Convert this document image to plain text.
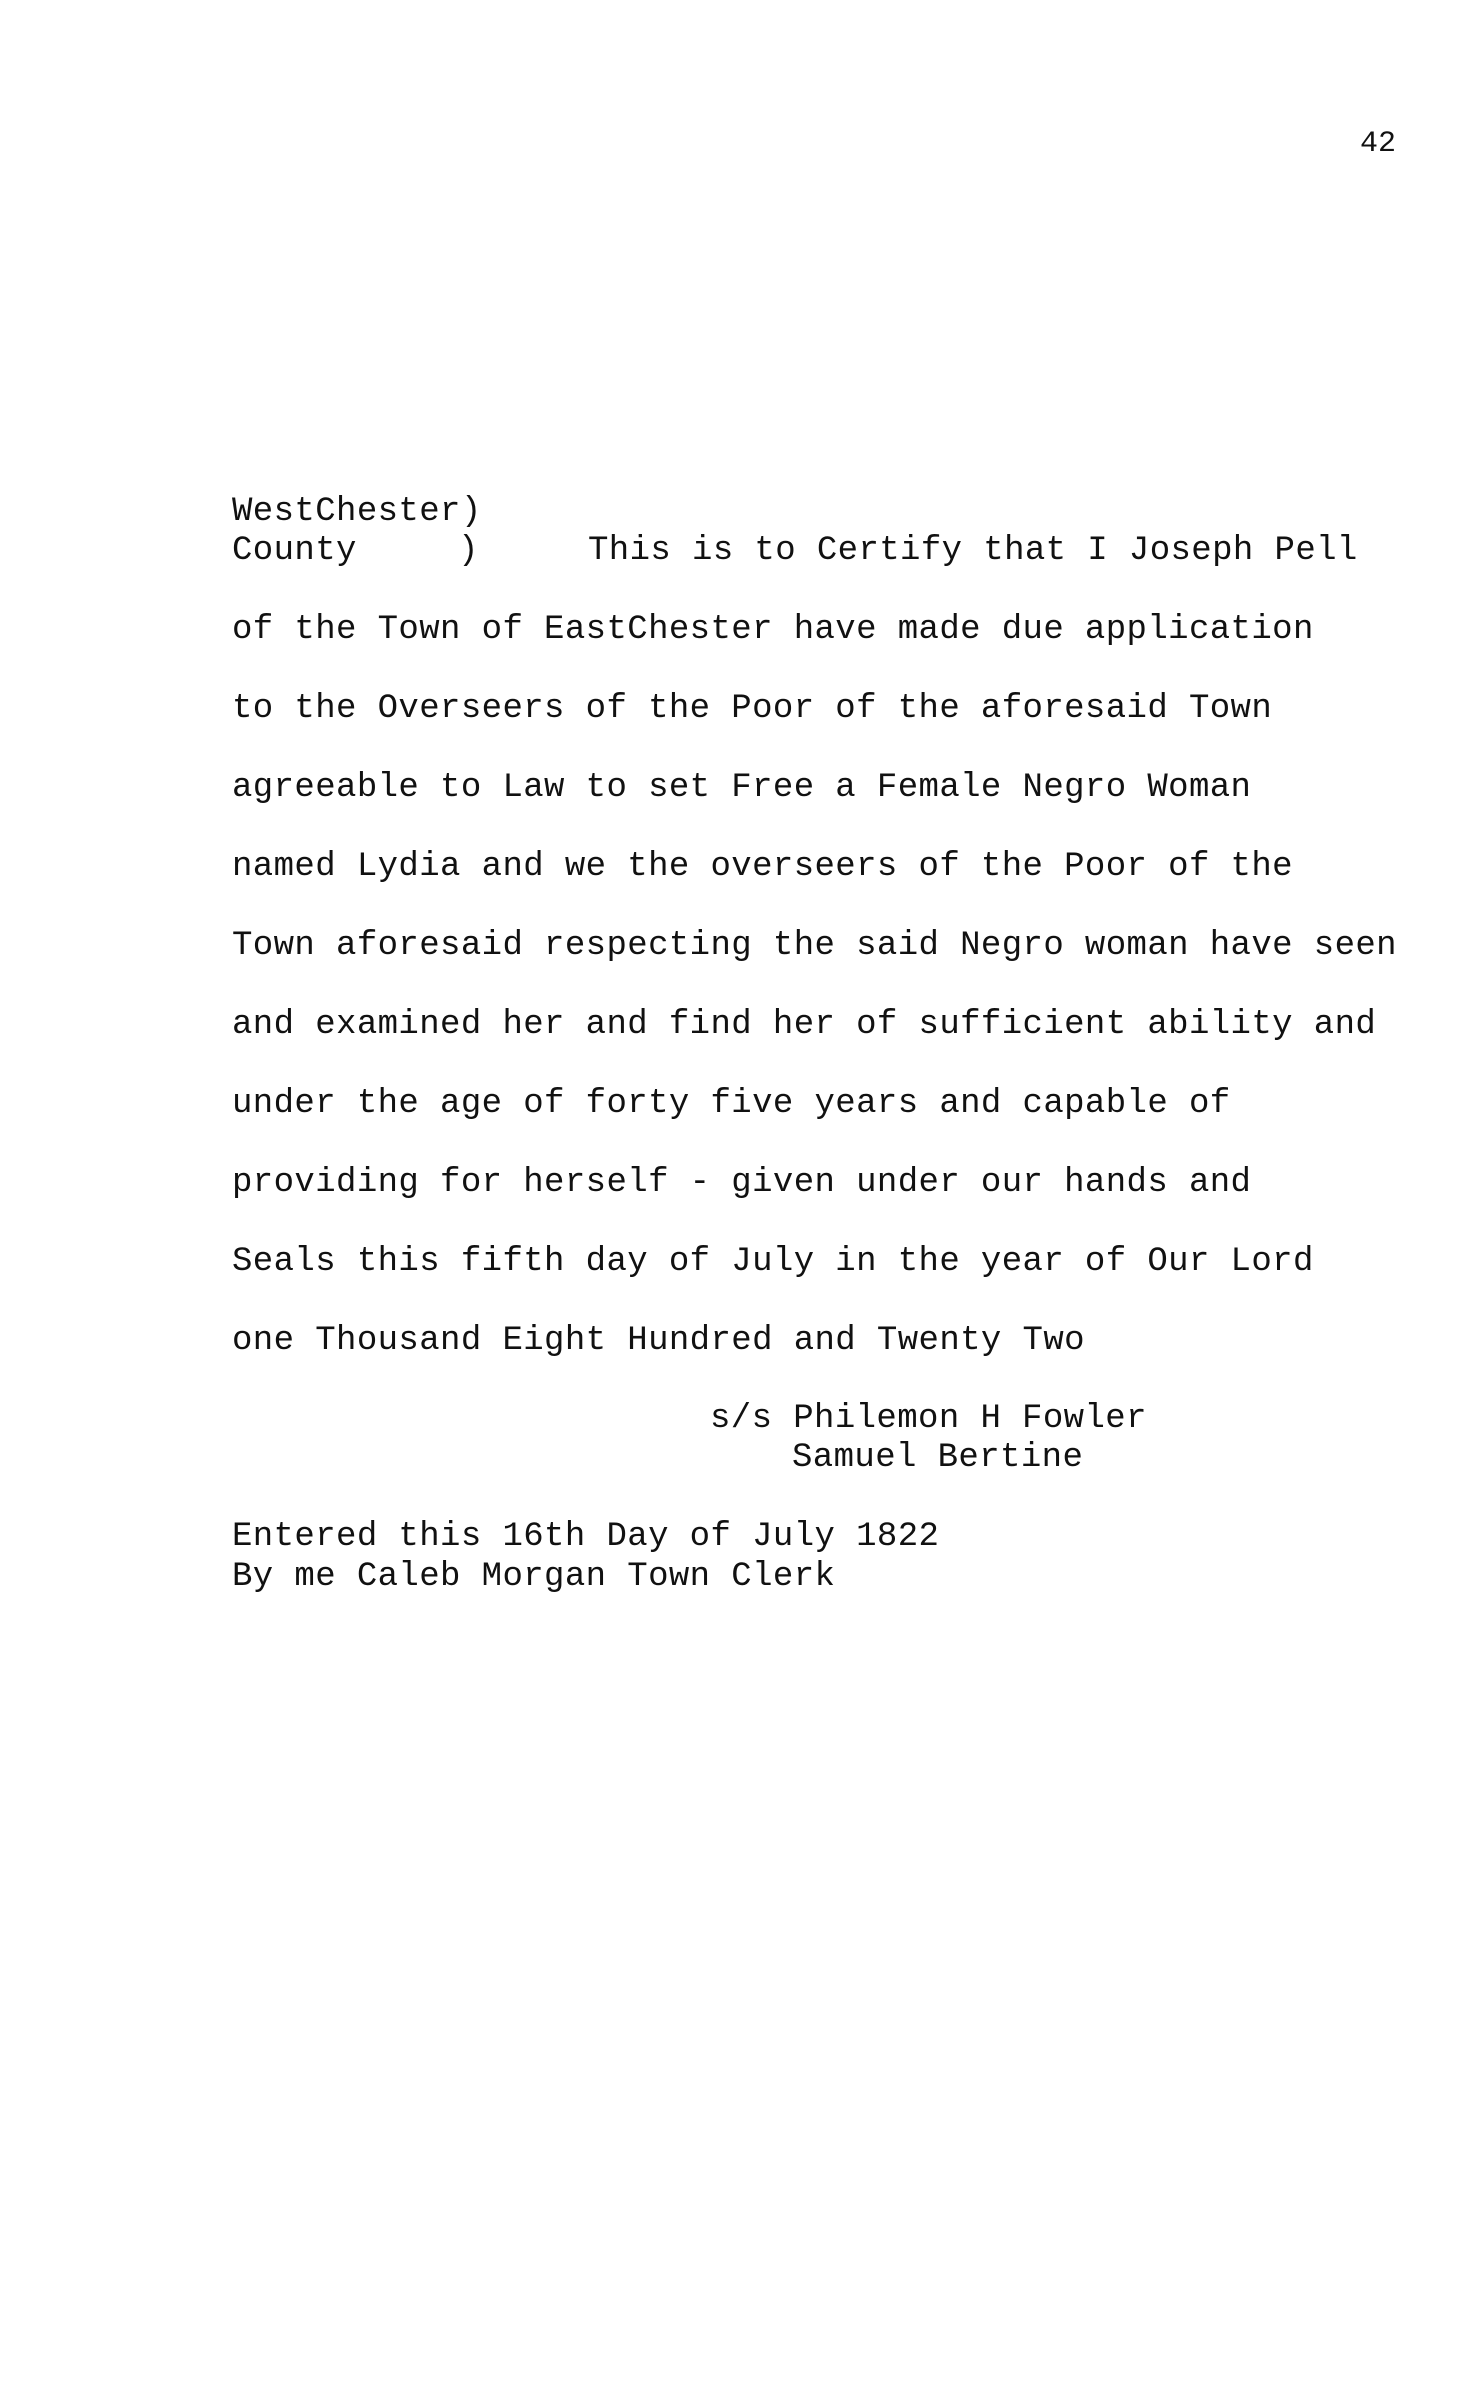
42
WestChester)
County	)	This is to Certify that I Joseph Pell
of the Town of EastChester have made due application
to the Overseers of the Poor of the aforesaid Town
agreeable to Law to set Free a Female Negro Woman
named Lydia and we the overseers of the Poor of the
Town aforesaid respecting the said Negro woman have seen
and examined her and find her of sufficient ability and
under the age of forty five years and capable of
providing for herself - given under our hands and
Seals this fifth day of July in the year of Our Lord
one Thousand Eight Hundred and Twenty Two
s/s Philemon H Fowler
Samuel Bertine
Entered this 16th Day of July 1822
By me Caleb Morgan Town Clerk
